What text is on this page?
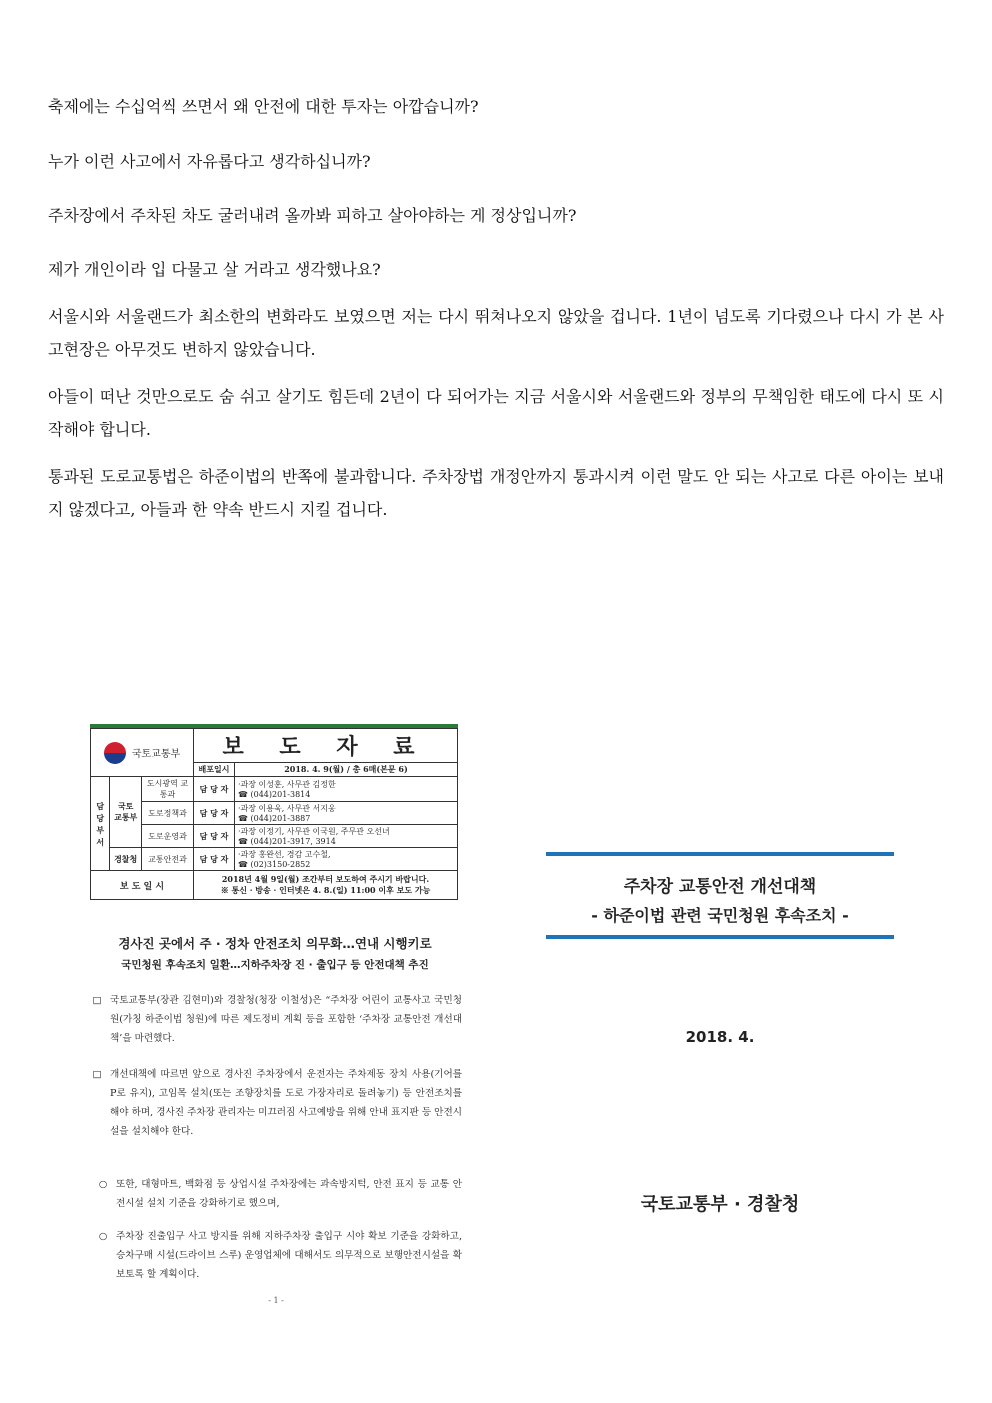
축제에는 수십억씩 쓰면서 왜 안전에 대한 투자는 아깝습니까?

누가 이런 사고에서 자유롭다고 생각하십니까?

주차장에서 주차된 차도 굴러내려 올까봐 피하고 살아야하는 게 정상입니까?

제가 개인이라 입 다물고 살 거라고 생각했나요?

서울시와 서울랜드가 최소한의 변화라도 보였으면 저는 다시 뛰쳐나오지 않았을 겁니다. 1년이 넘도록 기다렸으나 다시 가 본 사고현장은 아무것도 변하지 않았습니다.

아들이 떠난 것만으로도 숨 쉬고 살기도 힘든데 2년이 다 되어가는 지금 서울시와 서울랜드와 정부의 무책임한 태도에 다시 또 시작해야 합니다.

통과된 도로교통법은 하준이법의 반쪽에 불과합니다. 주차장법 개정안까지 통과시켜 이런 말도 안 되는 사고로 다른 아이는 보내지 않겠다고, 아들과 한 약속 반드시 지킬 겁니다.

국토교통부			보 도 자 료	
			배포일시	2018. 4. 9(월) / 총 6매(본문 6)
담 당 부 서	국토 교통부	도시광역 교통과	담 당 자	·과장 이성훈, 사무관 김정한
☎ (044)201-3814

		도로정책과	담 당 자	·과장 이용욱, 사무관 서지웅
☎ (044)201-3887

		도로운영과	담 당 자	·과장 이정기, 사무관 이국원, 주무관 오선녀
☎ (044)201-3917, 3914

	경찰청	교통안전과	담 당 자	·과장 홍완선, 경감 고수철,
☎ (02)3150-2852

보 도 일 시			2018년 4월 9일(월) 조간부터 보도하여 주시기 바랍니다.
※ 통신 · 방송 · 인터넷은 4. 8.(일) 11:00 이후 보도 가능	
경사진 곳에서 주 · 정차 안전조치 의무화…연내 시행키로
국민청원 후속조치 일환…지하주차장 진 · 출입구 등 안전대책 추진
□ 국토교통부(장관 김현미)와 경찰청(청장 이철성)은 “주차장 어린이 교통사고 국민청원(가칭 하준이법 청원)에 따른 제도정비 계획 등을 포함한 ‘주차장 교통안전 개선대책’을 마련했다.
□ 개선대책에 따르면 앞으로 경사진 주차장에서 운전자는 주차제동 장치 사용(기어를 P로 유지), 고임목 설치(또는 조향장치를 도로 가장자리로 돌려놓기) 등 안전조치를 해야 하며, 경사진 주차장 관리자는 미끄러짐 사고예방을 위해 안내 표지판 등 안전시설을 설치해야 한다.
○ 또한, 대형마트, 백화점 등 상업시설 주차장에는 과속방지턱, 안전 표지 등 교통 안전시설 설치 기준을 강화하기로 했으며,
○ 주차장 진출입구 사고 방지를 위해 지하주차장 출입구 시야 확보 기준을 강화하고, 승차구매 시설(드라이브 스루) 운영업체에 대해서도 의무적으로 보행안전시설을 확보토록 할 계획이다.
- 1 -
주차장 교통안전 개선대책
- 하준이법 관련 국민청원 후속조치 -
2018. 4.
국토교통부 · 경찰청
